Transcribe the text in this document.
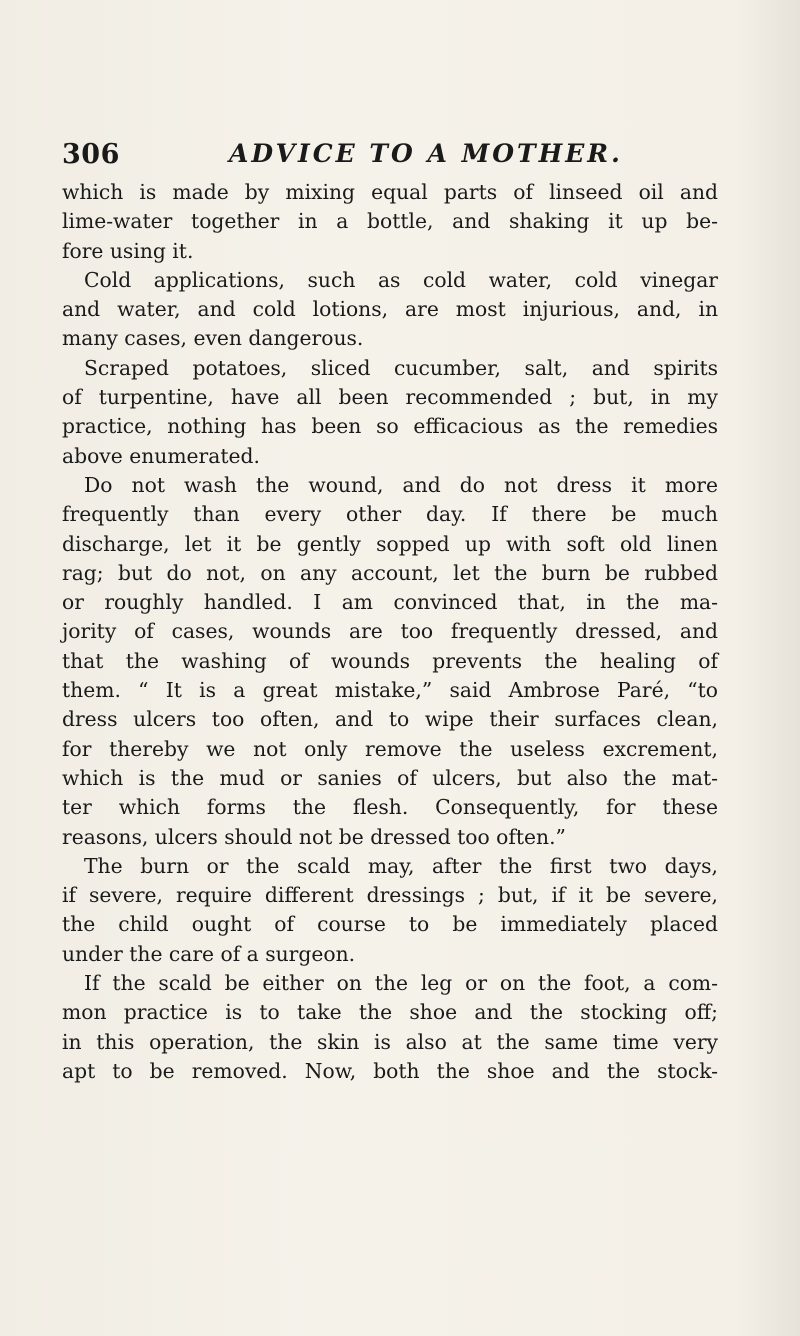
306	ADVICE TO A MOTHER.
which is made by mixing equal parts of linseed oil and
lime-water together in a bottle, and shaking it up be-
fore using it.
Cold applications, such as cold water, cold vinegar
and water, and cold lotions, are most injurious, and, in
many cases, even dangerous.
Scraped potatoes, sliced cucumber, salt, and spirits
of turpentine, have all been recommended ; but, in my
practice, nothing has been so efficacious as the remedies
above enumerated.
Do not wash the wound, and do not dress it more
frequently than every other day. If there be much
discharge, let it be gently sopped up with soft old linen
rag; but do not, on any account, let the burn be rubbed
or roughly handled. I am convinced that, in the ma-
jority of cases, wounds are too frequently dressed, and
that the washing of wounds prevents the healing of
them. “ It is a great mistake,” said Ambrose Paré, “to
dress ulcers too often, and to wipe their surfaces clean,
for thereby we not only remove the useless excrement,
which is the mud or sanies of ulcers, but also the mat-
ter which forms the flesh. Consequently, for these
reasons, ulcers should not be dressed too often.”
The burn or the scald may, after the first two days,
if severe, require different dressings ; but, if it be severe,
the child ought of course to be immediately placed
under the care of a surgeon.
If the scald be either on the leg or on the foot, a com-
mon practice is to take the shoe and the stocking off;
in this operation, the skin is also at the same time very
apt to be removed. Now, both the shoe and the stock-
